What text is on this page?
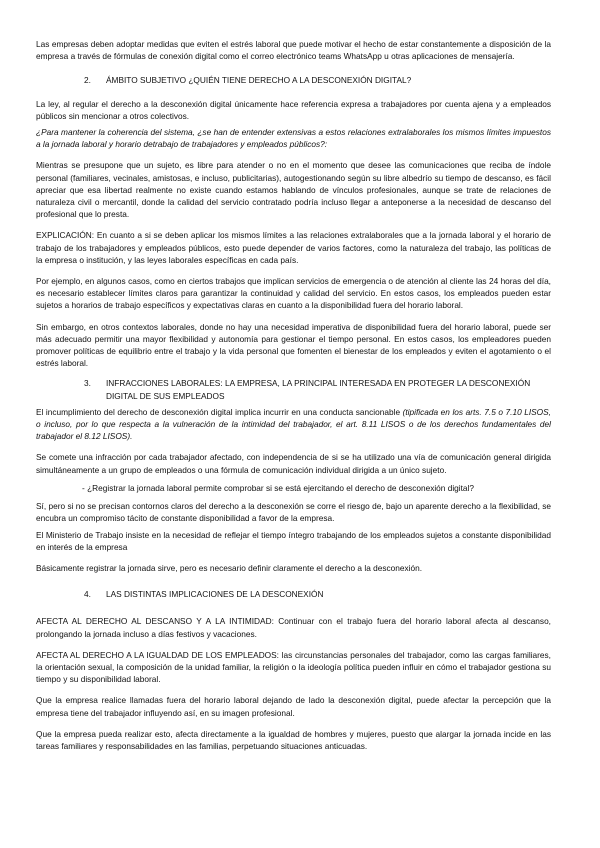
Las empresas deben adoptar medidas que eviten el estrés laboral que puede motivar el hecho de estar constantemente a disposición de la empresa a través de fórmulas de conexión digital como el correo electrónico teams WhatsApp u otras aplicaciones de mensajería.

2.	ÁMBITO SUBJETIVO ¿QUIÉN TIENE DERECHO A LA DESCONEXIÓN DIGITAL?

La ley, al regular el derecho a la desconexión digital únicamente hace referencia expresa a trabajadores por cuenta ajena y a empleados públicos sin mencionar a otros colectivos.

¿Para mantener la coherencia del sistema, ¿se han de entender extensivas a estos relaciones extralaborales los mismos límites impuestos a la jornada laboral y horario detrabajo de trabajadores y empleados públicos?:

Mientras se presupone que un sujeto, es libre para atender o no en el momento que desee las comunicaciones que reciba de índole personal (familiares, vecinales, amistosas, e incluso, publicitarias), autogestionando según su libre albedrío su tiempo de descanso, es fácil apreciar que esa libertad realmente no existe cuando estamos hablando de vínculos profesionales, aunque se trate de relaciones de naturaleza civil o mercantil, donde la calidad del servicio contratado podría incluso llegar a anteponerse a la necesidad de descanso del profesional que lo presta.

EXPLICACIÓN: En cuanto a si se deben aplicar los mismos límites a las relaciones extralaborales que a la jornada laboral y el horario de trabajo de los trabajadores y empleados públicos, esto puede depender de varios factores, como la naturaleza del trabajo, las políticas de la empresa o institución, y las leyes laborales específicas en cada país.

Por ejemplo, en algunos casos, como en ciertos trabajos que implican servicios de emergencia o de atención al cliente las 24 horas del día, es necesario establecer límites claros para garantizar la continuidad y calidad del servicio. En estos casos, los empleados pueden estar sujetos a horarios de trabajo específicos y expectativas claras en cuanto a la disponibilidad fuera del horario laboral.

Sin embargo, en otros contextos laborales, donde no hay una necesidad imperativa de disponibilidad fuera del horario laboral, puede ser más adecuado permitir una mayor flexibilidad y autonomía para gestionar el tiempo personal. En estos casos, los empleadores pueden promover políticas de equilibrio entre el trabajo y la vida personal que fomenten el bienestar de los empleados y eviten el agotamiento o el estrés laboral.

3.	INFRACCIONES LABORALES: LA EMPRESA, LA PRINCIPAL INTERESADA EN PROTEGER LA DESCONEXIÓN DIGITAL DE SUS EMPLEADOS

El incumplimiento del derecho de desconexión digital implica incurrir en una conducta sancionable (tipificada en los arts. 7.5 o 7.10 LISOS, o incluso, por lo que respecta a la vulneración de la intimidad del trabajador, el art. 8.11 LISOS o de los derechos fundamentales del trabajador el 8.12 LISOS).

Se comete una infracción por cada trabajador afectado, con independencia de si se ha utilizado una vía de comunicación general dirigida simultáneamente a un grupo de empleados o una fórmula de comunicación individual dirigida a un único sujeto.

- ¿Registrar la jornada laboral permite comprobar si se está ejercitando el derecho de desconexión digital?

Sí, pero si no se precisan contornos claros del derecho a la desconexión se corre el riesgo de, bajo un aparente derecho a la flexibilidad, se encubra un compromiso tácito de constante disponibilidad a favor de la empresa.

El Ministerio de Trabajo insiste en la necesidad de reflejar el tiempo íntegro trabajando de los empleados sujetos a constante disponibilidad en interés de la empresa

Básicamente registrar la jornada sirve, pero es necesario definir claramente el derecho a la desconexión.

4.	LAS DISTINTAS IMPLICACIONES DE LA DESCONEXIÓN

AFECTA AL DERECHO AL DESCANSO Y A LA INTIMIDAD: Continuar con el trabajo fuera del horario laboral afecta al descanso, prolongando la jornada incluso a días festivos y vacaciones.

AFECTA AL DERECHO A LA IGUALDAD DE LOS EMPLEADOS: las circunstancias personales del trabajador, como las cargas familiares, la orientación sexual, la composición de la unidad familiar, la religión o la ideología política pueden influir en cómo el trabajador gestiona su tiempo y su disponibilidad laboral.

Que la empresa realice llamadas fuera del horario laboral dejando de lado la desconexión digital, puede afectar la percepción que la empresa tiene del trabajador influyendo así, en su imagen profesional.

Que la empresa pueda realizar esto, afecta directamente a la igualdad de hombres y mujeres, puesto que alargar la jornada incide en las tareas familiares y responsabilidades en las familias, perpetuando situaciones anticuadas.
